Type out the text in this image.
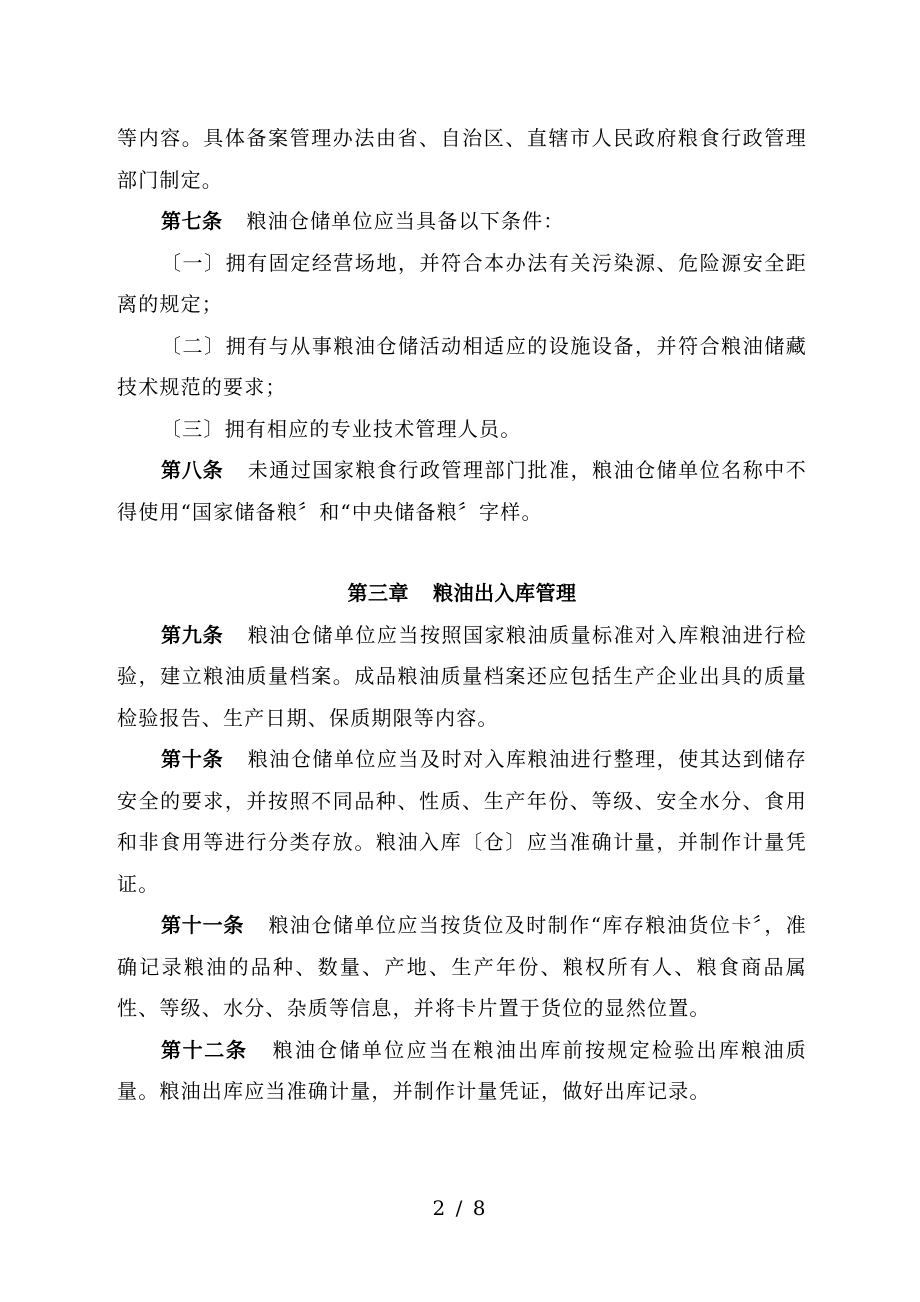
等内容。具体备案管理办法由省、自治区、直辖市人民政府粮食行政管理部门制定。

第七条 粮油仓储单位应当具备以下条件：

〔一〕拥有固定经营场地，并符合本办法有关污染源、危险源安全距离的规定；

〔二〕拥有与从事粮油仓储活动相适应的设施设备，并符合粮油储藏技术规范的要求；

〔三〕拥有相应的专业技术管理人员。

第八条 未通过国家粮食行政管理部门批准，粮油仓储单位名称中不得使用“国家储备粮〞和“中央储备粮〞字样。

第三章 粮油出入库管理

第九条 粮油仓储单位应当按照国家粮油质量标准对入库粮油进行检验，建立粮油质量档案。成品粮油质量档案还应包括生产企业出具的质量检验报告、生产日期、保质期限等内容。

第十条 粮油仓储单位应当及时对入库粮油进行整理，使其达到储存安全的要求，并按照不同品种、性质、生产年份、等级、安全水分、食用和非食用等进行分类存放。粮油入库〔仓〕应当准确计量，并制作计量凭证。

第十一条 粮油仓储单位应当按货位及时制作“库存粮油货位卡〞，准确记录粮油的品种、数量、产地、生产年份、粮权所有人、粮食商品属性、等级、水分、杂质等信息，并将卡片置于货位的显然位置。

第十二条 粮油仓储单位应当在粮油出库前按规定检验出库粮油质量。粮油出库应当准确计量，并制作计量凭证，做好出库记录。

2 / 8
